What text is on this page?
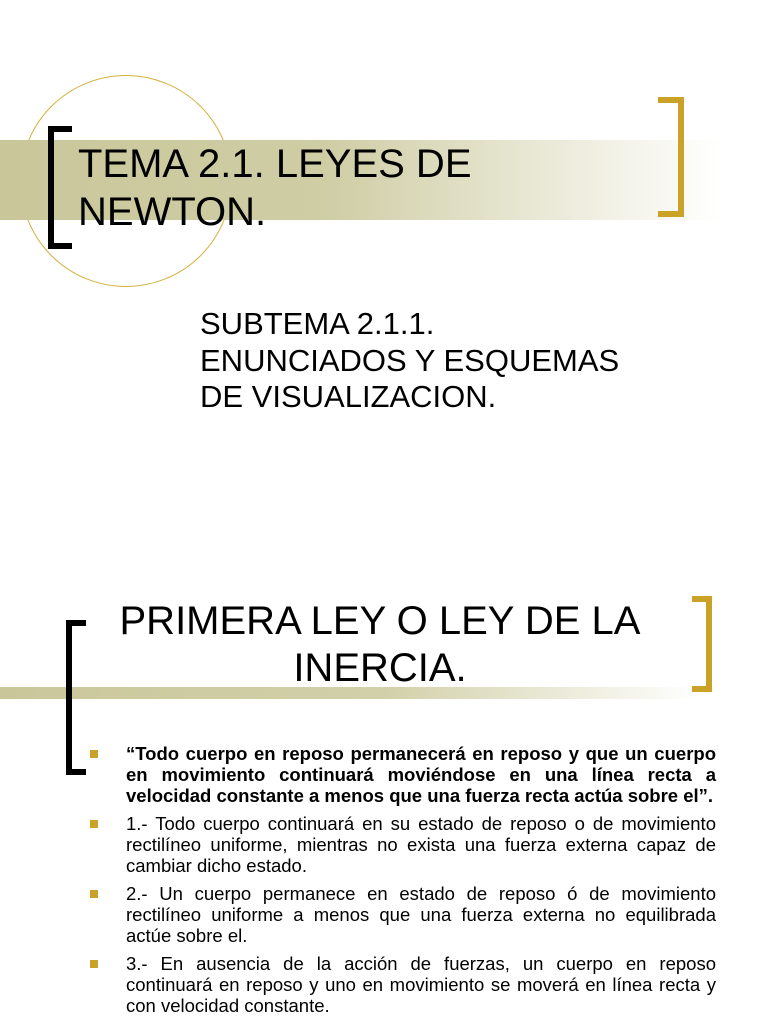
TEMA 2.1. LEYES DE NEWTON.

SUBTEMA 2.1.1. ENUNCIADOS Y ESQUEMAS DE VISUALIZACION.

PRIMERA LEY O LEY DE LA INERCIA.
“Todo cuerpo en reposo permanecerá en reposo y que un cuerpo en movimiento continuará moviéndose en una línea recta a velocidad constante a menos que una fuerza recta actúa sobre el”.
1.- Todo cuerpo continuará en su estado de reposo o de movimiento rectilíneo uniforme, mientras no exista una fuerza externa capaz de cambiar dicho estado.
2.- Un cuerpo permanece en estado de reposo ó de movimiento rectilíneo uniforme a menos que una fuerza externa no equilibrada actúe sobre el.
3.- En ausencia de la acción de fuerzas, un cuerpo en reposo continuará en reposo y uno en movimiento se moverá en línea recta y con velocidad constante.
